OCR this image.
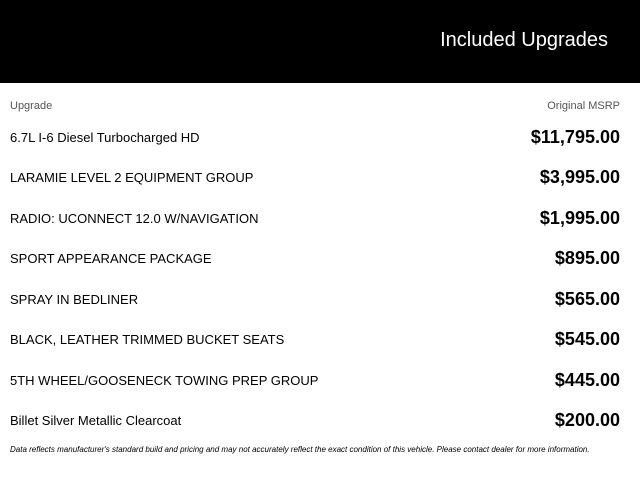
Included Upgrades
Upgrade	Original MSRP
6.7L I-6 Diesel Turbocharged HD	$11,795.00
LARAMIE LEVEL 2 EQUIPMENT GROUP	$3,995.00
RADIO: UCONNECT 12.0 W/NAVIGATION	$1,995.00
SPORT APPEARANCE PACKAGE	$895.00
SPRAY IN BEDLINER	$565.00
BLACK, LEATHER TRIMMED BUCKET SEATS	$545.00
5TH WHEEL/GOOSENECK TOWING PREP GROUP	$445.00
Billet Silver Metallic Clearcoat	$200.00
Data reflects manufacturer's standard build and pricing and may not accurately reflect the exact condition of this vehicle. Please contact dealer for more information.
